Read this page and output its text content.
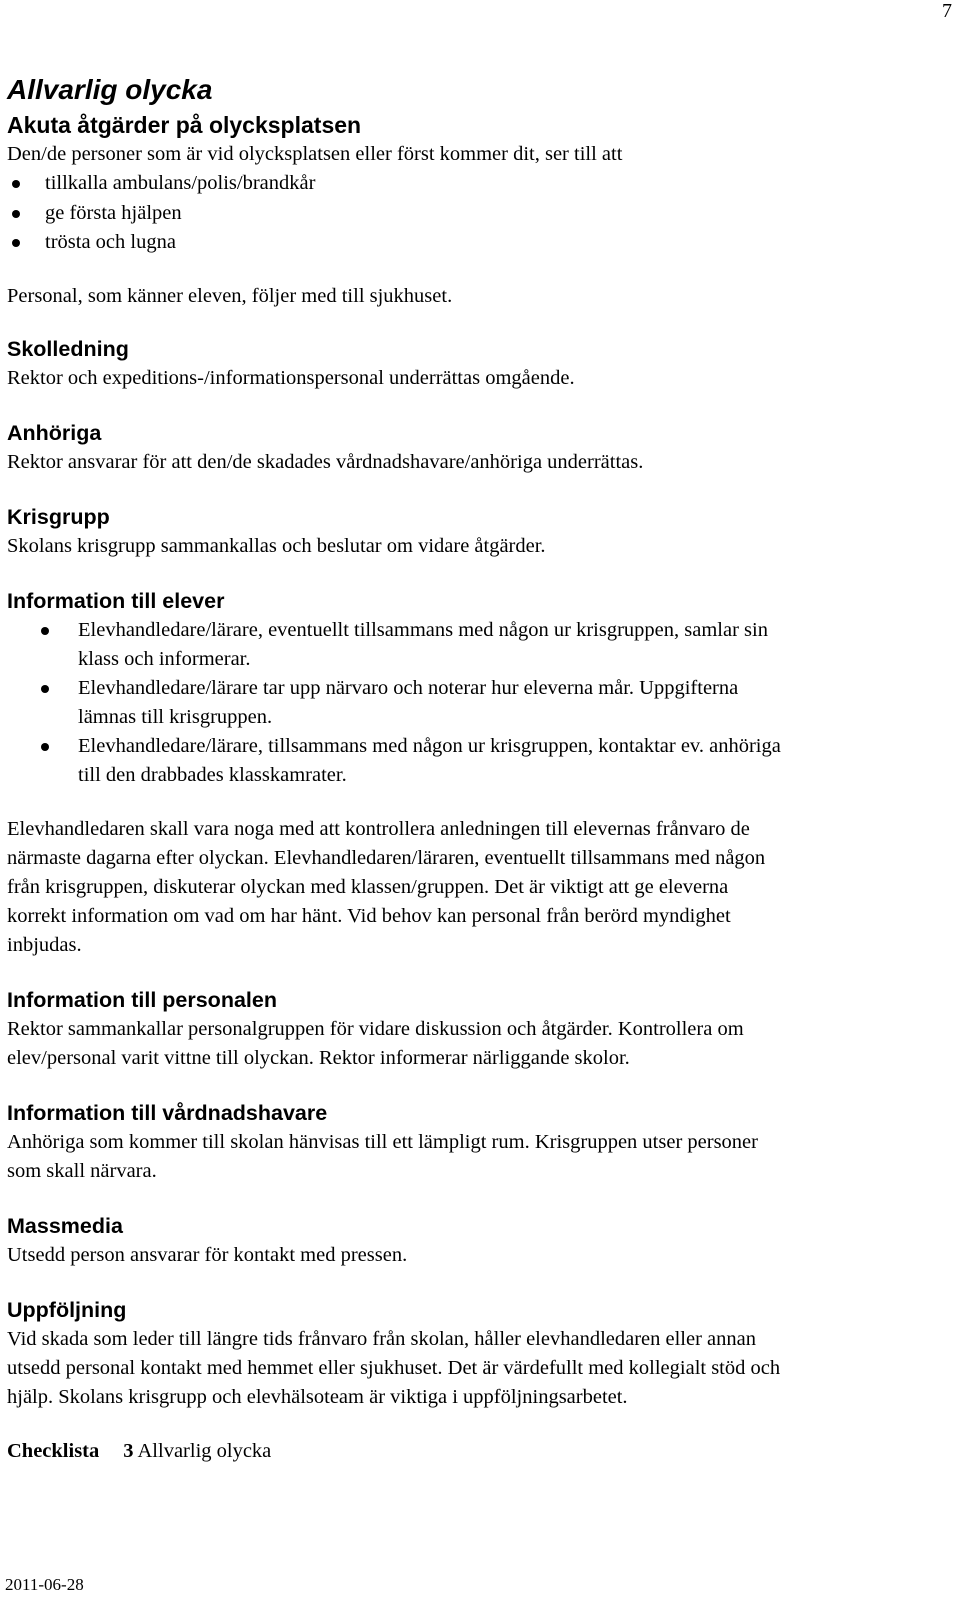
7
Allvarlig olycka
Akuta åtgärder på olycksplatsen

Den/de personer som är vid olycksplatsen eller först kommer dit, ser till att

tillkalla ambulans/polis/brandkår
ge första hjälpen
trösta och lugna

Personal, som känner eleven, följer med till sjukhuset.

Skolledning

Rektor och expeditions-/informationspersonal underrättas omgående.

Anhöriga

Rektor ansvarar för att den/de skadades vårdnadshavare/anhöriga underrättas.

Krisgrupp

Skolans krisgrupp sammankallas och beslutar om vidare åtgärder.

Information till elever
Elevhandledare/lärare, eventuellt tillsammans med någon ur krisgruppen, samlar sin
klass och informerar.
Elevhandledare/lärare tar upp närvaro och noterar hur eleverna mår. Uppgifterna
lämnas till krisgruppen.
Elevhandledare/lärare, tillsammans med någon ur krisgruppen, kontaktar ev. anhöriga
till den drabbades klasskamrater.

Elevhandledaren skall vara noga med att kontrollera anledningen till elevernas frånvaro de
närmaste dagarna efter olyckan. Elevhandledaren/läraren, eventuellt tillsammans med någon
från krisgruppen, diskuterar olyckan med klassen/gruppen. Det är viktigt att ge eleverna
korrekt information om vad om har hänt. Vid behov kan personal från berörd myndighet
inbjudas.

Information till personalen

Rektor sammankallar personalgruppen för vidare diskussion och åtgärder. Kontrollera om
elev/personal varit vittne till olyckan. Rektor informerar närliggande skolor.

Information till vårdnadshavare

Anhöriga som kommer till skolan hänvisas till ett lämpligt rum. Krisgruppen utser personer
som skall närvara.

Massmedia

Utsedd person ansvarar för kontakt med pressen.

Uppföljning

Vid skada som leder till längre tids frånvaro från skolan, håller elevhandledaren eller annan
utsedd personal kontakt med hemmet eller sjukhuset. Det är värdefullt med kollegialt stöd och
hjälp. Skolans krisgrupp och elevhälsoteam är viktiga i uppföljningsarbetet.

Checklista 3 Allvarlig olycka

2011-06-28
